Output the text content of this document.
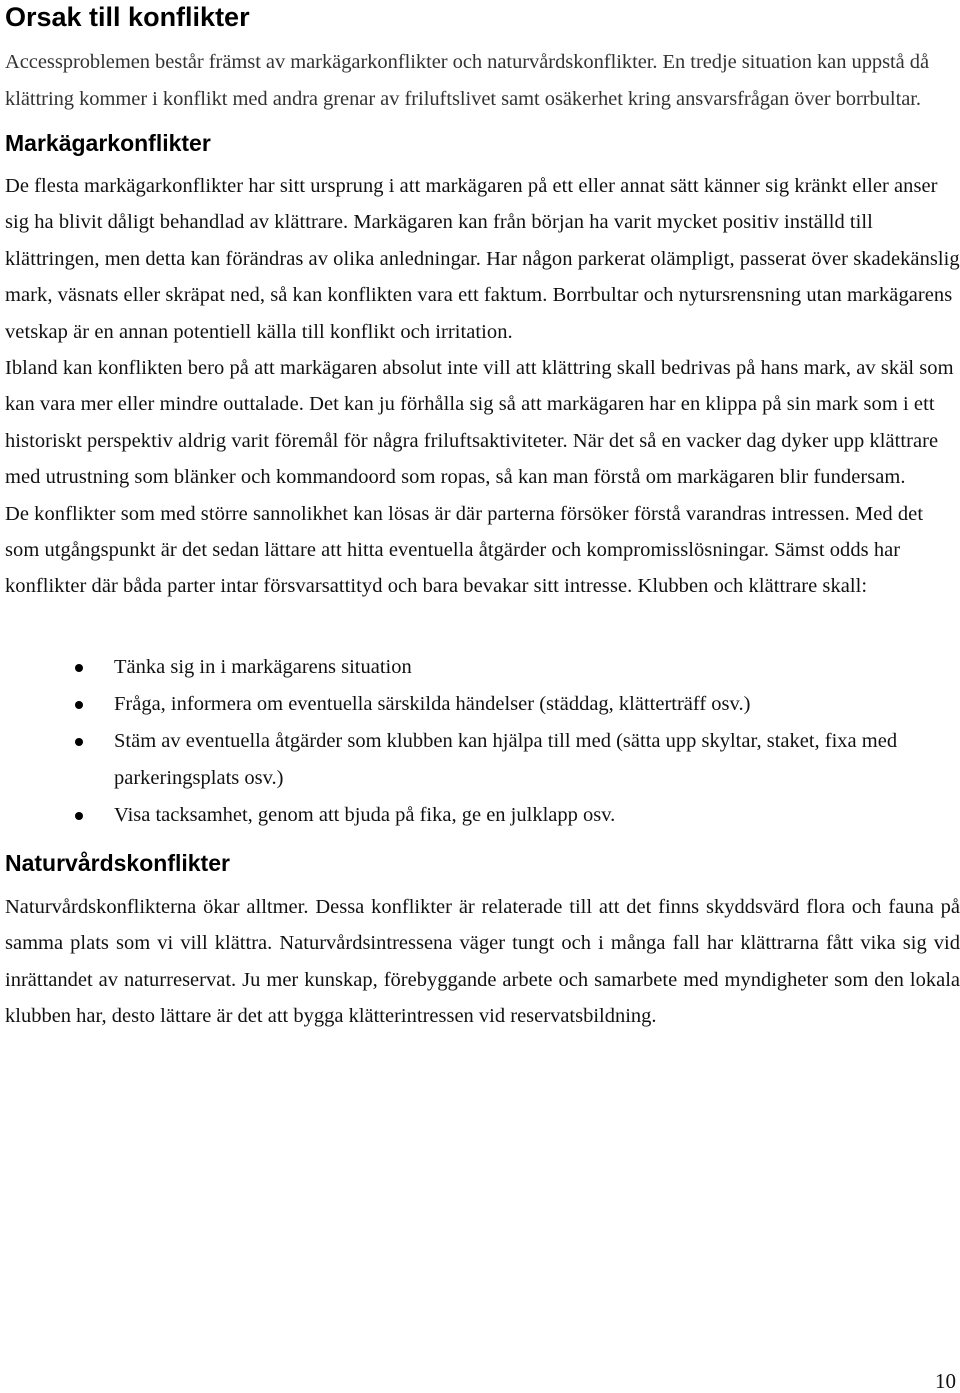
Orsak till konflikter

Accessproblemen består främst av markägarkonflikter och naturvårdskonflikter. En tredje situation kan uppstå då klättring kommer i konflikt med andra grenar av friluftslivet samt osäkerhet kring ansvarsfrågan över borrbultar.

Markägarkonflikter

De flesta markägarkonflikter har sitt ursprung i att markägaren på ett eller annat sätt känner sig kränkt eller anser sig ha blivit dåligt behandlad av klättrare. Markägaren kan från början ha varit mycket positiv inställd till klättringen, men detta kan förändras av olika anledningar. Har någon parkerat olämpligt, passerat över skadekänslig mark, väsnats eller skräpat ned, så kan konflikten vara ett faktum. Borrbultar och nytursrensning utan markägarens vetskap är en annan potentiell källa till konflikt och irritation.

Ibland kan konflikten bero på att markägaren absolut inte vill att klättring skall bedrivas på hans mark, av skäl som kan vara mer eller mindre outtalade. Det kan ju förhålla sig så att markägaren har en klippa på sin mark som i ett historiskt perspektiv aldrig varit föremål för några friluftsaktiviteter. När det så en vacker dag dyker upp klättrare med utrustning som blänker och kommandoord som ropas, så kan man förstå om markägaren blir fundersam.

De konflikter som med större sannolikhet kan lösas är där parterna försöker förstå varandras intressen. Med det som utgångspunkt är det sedan lättare att hitta eventuella åtgärder och kompromisslösningar. Sämst odds har konflikter där båda parter intar försvarsattityd och bara bevakar sitt intresse. Klubben och klättrare skall:

Tänka sig in i markägarens situation
Fråga, informera om eventuella särskilda händelser (städdag, klätterträff osv.)
Stäm av eventuella åtgärder som klubben kan hjälpa till med (sätta upp skyltar, staket, fixa med parkeringsplats osv.)
Visa tacksamhet, genom att bjuda på fika, ge en julklapp osv.
Naturvårdskonflikter

Naturvårdskonflikterna ökar alltmer. Dessa konflikter är relaterade till att det finns skyddsvärd flora och fauna på samma plats som vi vill klättra. Naturvårdsintressena väger tungt och i många fall har klättrarna fått vika sig vid inrättandet av naturreservat. Ju mer kunskap, förebyggande arbete och samarbete med myndigheter som den lokala klubben har, desto lättare är det att bygga klätterintressen vid reservatsbildning.

10
